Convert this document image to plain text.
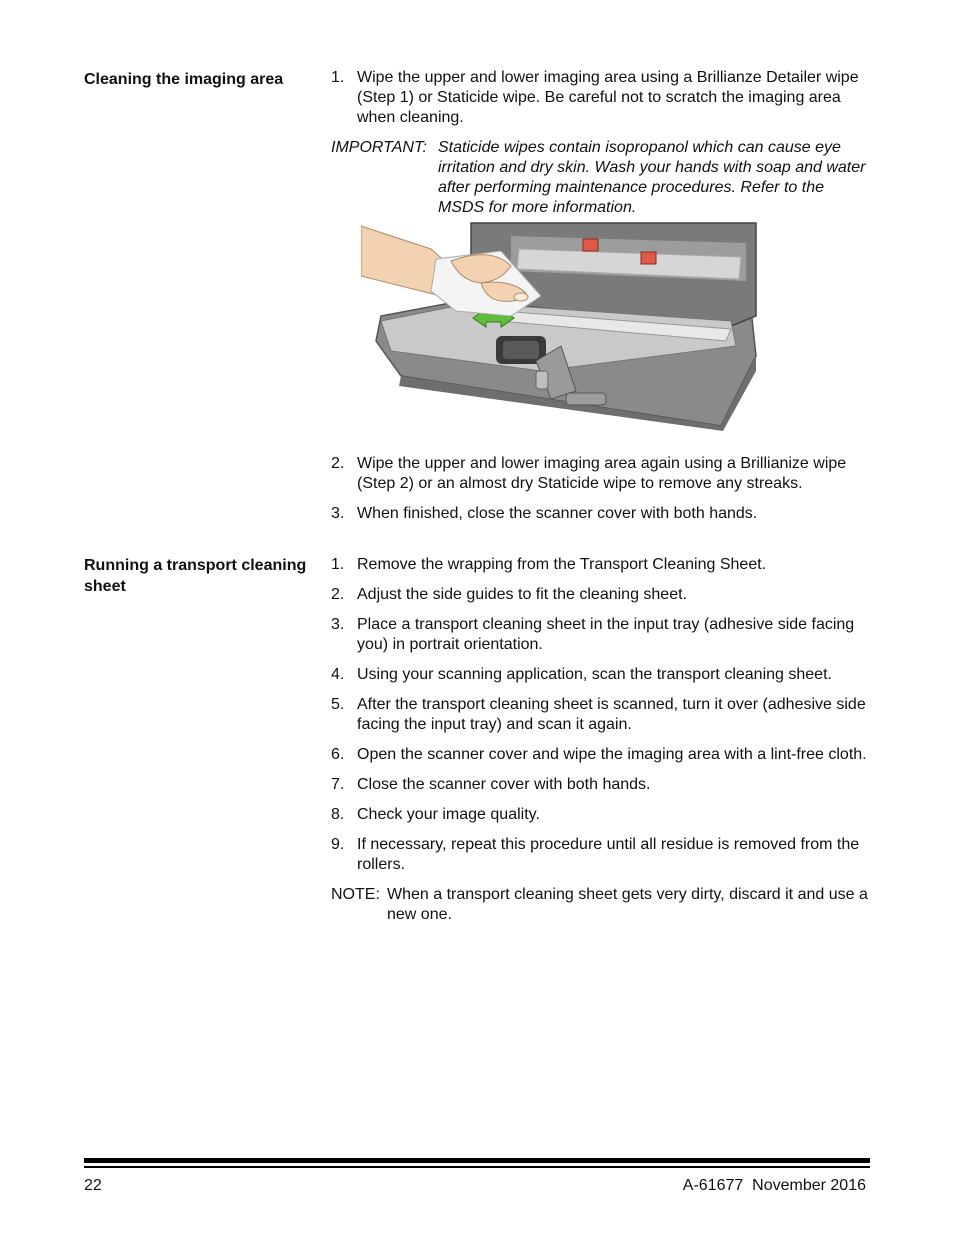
Cleaning the imaging area	1. Wipe the upper and lower imaging area using a Brillianze Detailer wipe (Step 1) or Staticide wipe. Be careful not to scratch the imaging area when cleaning.
IMPORTANT: Staticide wipes contain isopropanol which can cause eye irritation and dry skin. Wash your hands with soap and water after performing maintenance procedures. Refer to the MSDS for more information.
2. Wipe the upper and lower imaging area again using a Brillianize wipe (Step 2) or an almost dry Staticide wipe to remove any streaks.
3. When finished, close the scanner cover with both hands.
Running a transport cleaning sheet
1. Remove the wrapping from the Transport Cleaning Sheet.
2. Adjust the side guides to fit the cleaning sheet.
3. Place a transport cleaning sheet in the input tray (adhesive side facing you) in portrait orientation.
4. Using your scanning application, scan the transport cleaning sheet.
5. After the transport cleaning sheet is scanned, turn it over (adhesive side facing the input tray) and scan it again.
6. Open the scanner cover and wipe the imaging area with a lint-free cloth.
7. Close the scanner cover with both hands.
8. Check your image quality.
9. If necessary, repeat this procedure until all residue is removed from the rollers.
NOTE: When a transport cleaning sheet gets very dirty, discard it and use a new one.
22	A-61677  November 2016
